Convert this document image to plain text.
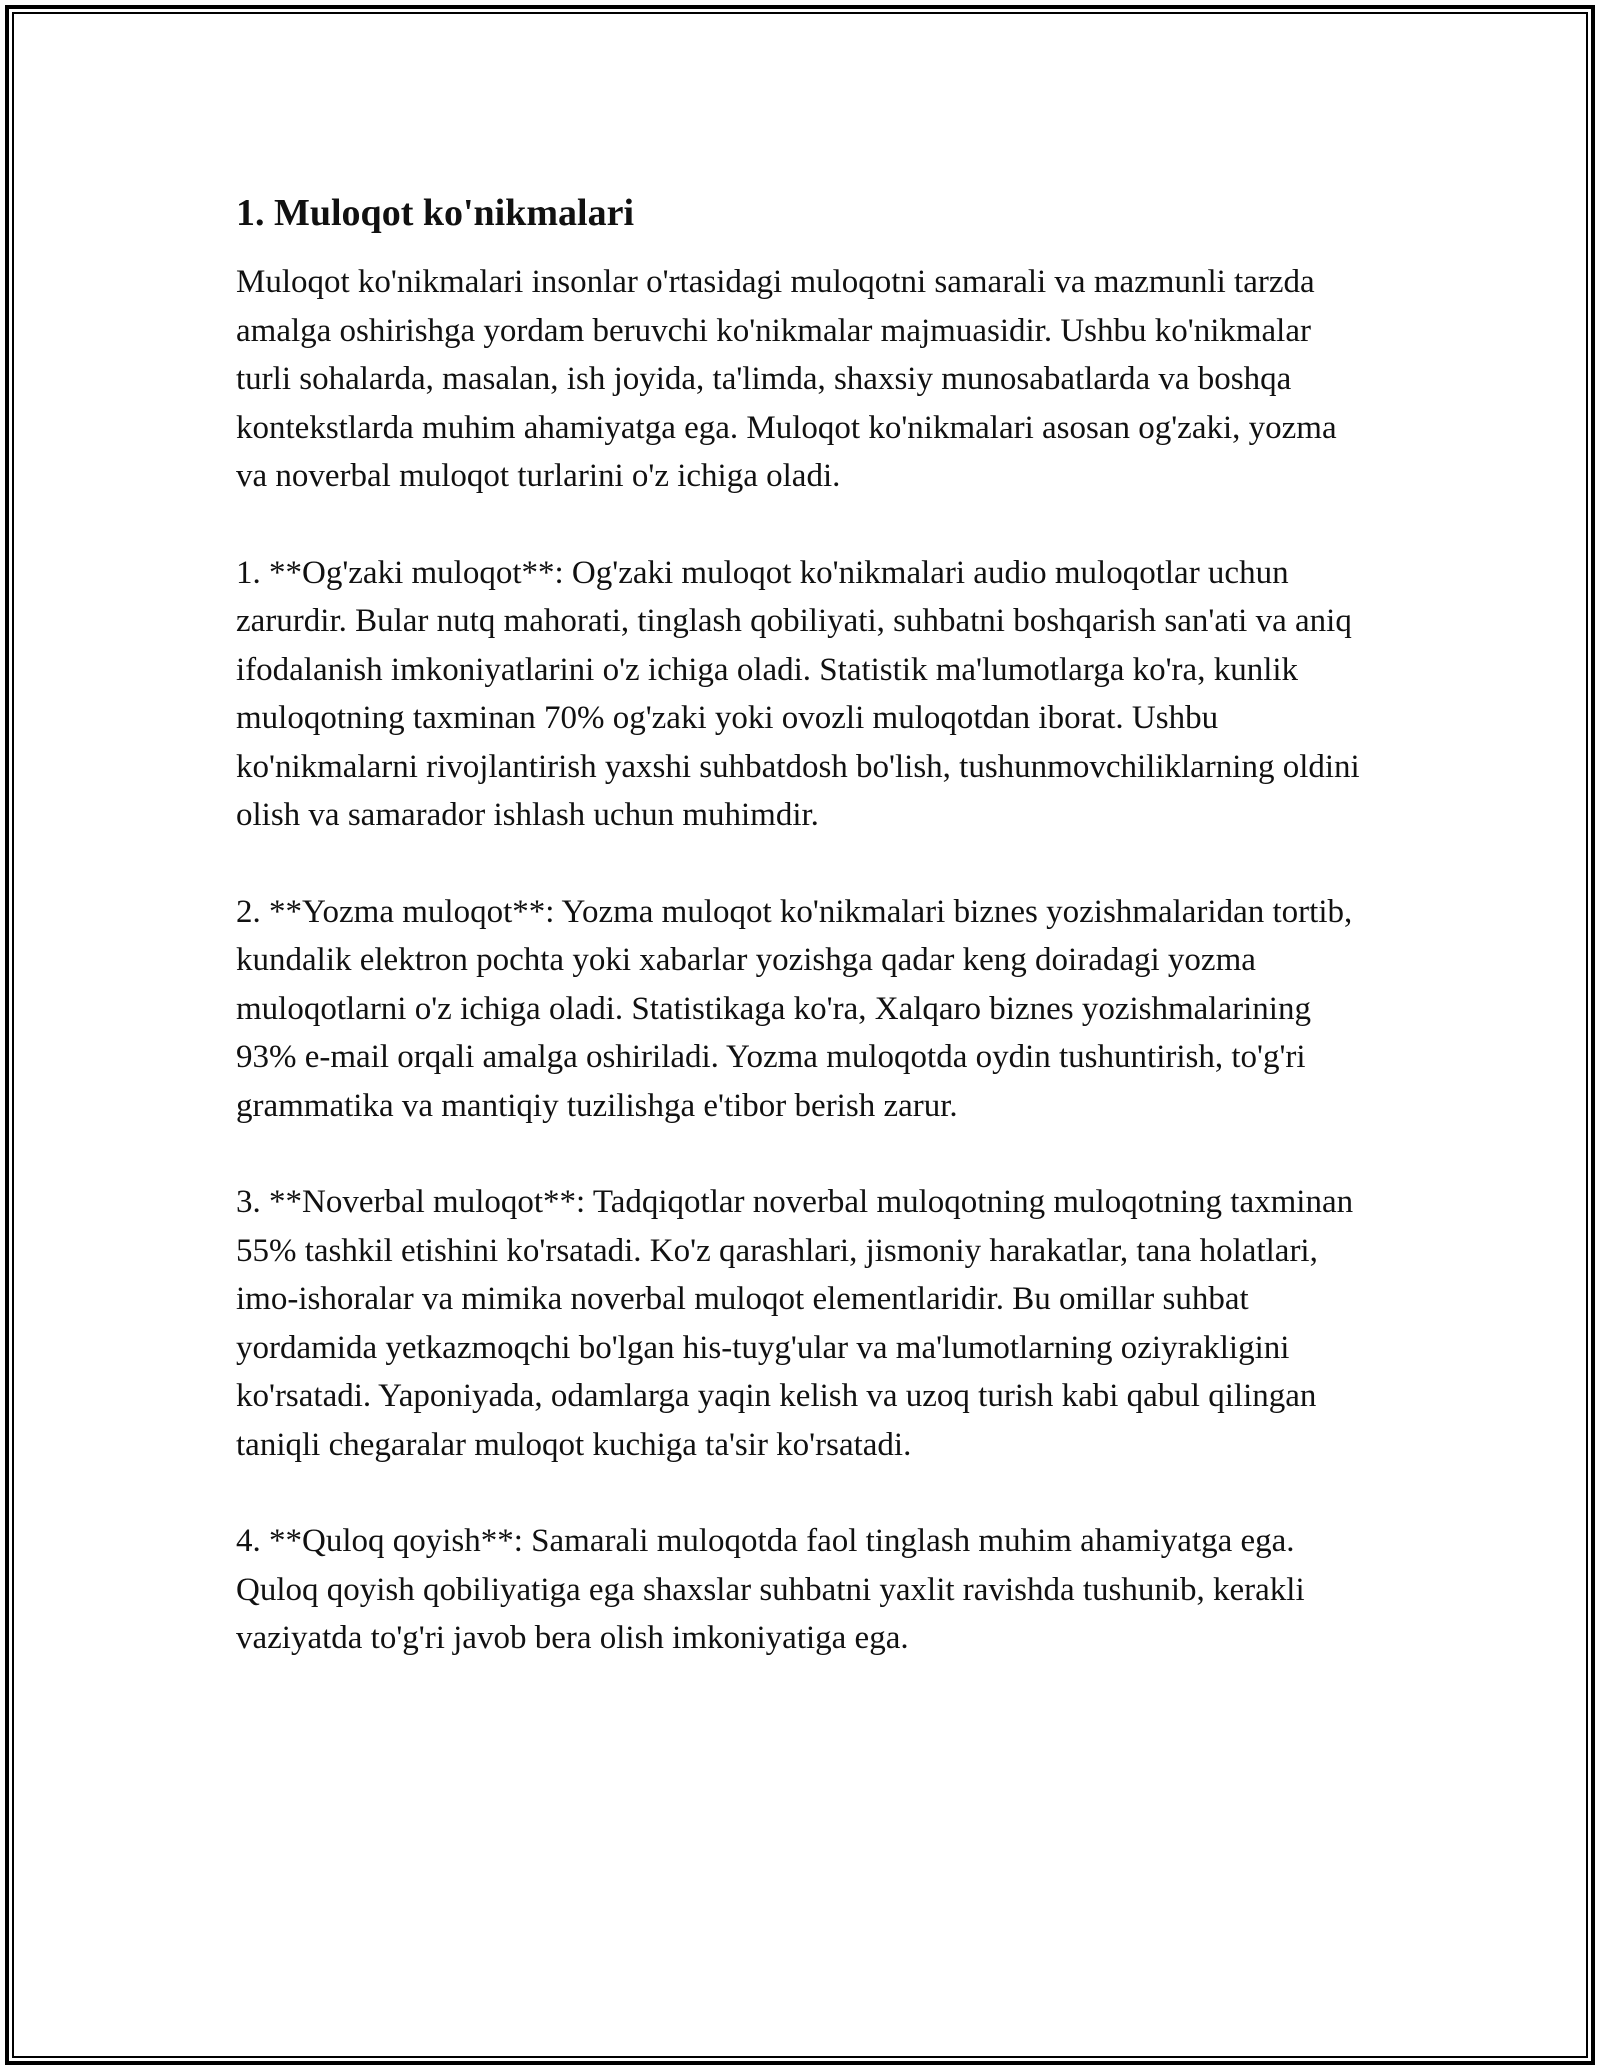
1. Muloqot ko'nikmalari

Muloqot ko'nikmalari insonlar o'rtasidagi muloqotni samarali va mazmunli tarzda amalga oshirishga yordam beruvchi ko'nikmalar majmuasidir. Ushbu ko'nikmalar turli sohalarda, masalan, ish joyida, ta'limda, shaxsiy munosabatlarda va boshqa kontekstlarda muhim ahamiyatga ega. Muloqot ko'nikmalari asosan og'zaki, yozma va noverbal muloqot turlarini o'z ichiga oladi.

1. **Og'zaki muloqot**: Og'zaki muloqot ko'nikmalari audio muloqotlar uchun zarurdir. Bular nutq mahorati, tinglash qobiliyati, suhbatni boshqarish san'ati va aniq ifodalanish imkoniyatlarini o'z ichiga oladi. Statistik ma'lumotlarga ko'ra, kunlik muloqotning taxminan 70% og'zaki yoki ovozli muloqotdan iborat. Ushbu ko'nikmalarni rivojlantirish yaxshi suhbatdosh bo'lish, tushunmovchiliklarning oldini olish va samarador ishlash uchun muhimdir.

2. **Yozma muloqot**: Yozma muloqot ko'nikmalari biznes yozishmalaridan tortib, kundalik elektron pochta yoki xabarlar yozishga qadar keng doiradagi yozma muloqotlarni o'z ichiga oladi. Statistikaga ko'ra, Xalqaro biznes yozishmalarining 93% e-mail orqali amalga oshiriladi. Yozma muloqotda oydin tushuntirish, to'g'ri grammatika va mantiqiy tuzilishga e'tibor berish zarur.

3. **Noverbal muloqot**: Tadqiqotlar noverbal muloqotning muloqotning taxminan 55% tashkil etishini ko'rsatadi. Ko'z qarashlari, jismoniy harakatlar, tana holatlari, imo-ishoralar va mimika noverbal muloqot elementlaridir. Bu omillar suhbat yordamida yetkazmoqchi bo'lgan his-tuyg'ular va ma'lumotlarning oziyrakligini ko'rsatadi. Yaponiyada, odamlarga yaqin kelish va uzoq turish kabi qabul qilingan taniqli chegaralar muloqot kuchiga ta'sir ko'rsatadi.

4. **Quloq qoyish**: Samarali muloqotda faol tinglash muhim ahamiyatga ega. Quloq qoyish qobiliyatiga ega shaxslar suhbatni yaxlit ravishda tushunib, kerakli vaziyatda to'g'ri javob bera olish imkoniyatiga ega.
